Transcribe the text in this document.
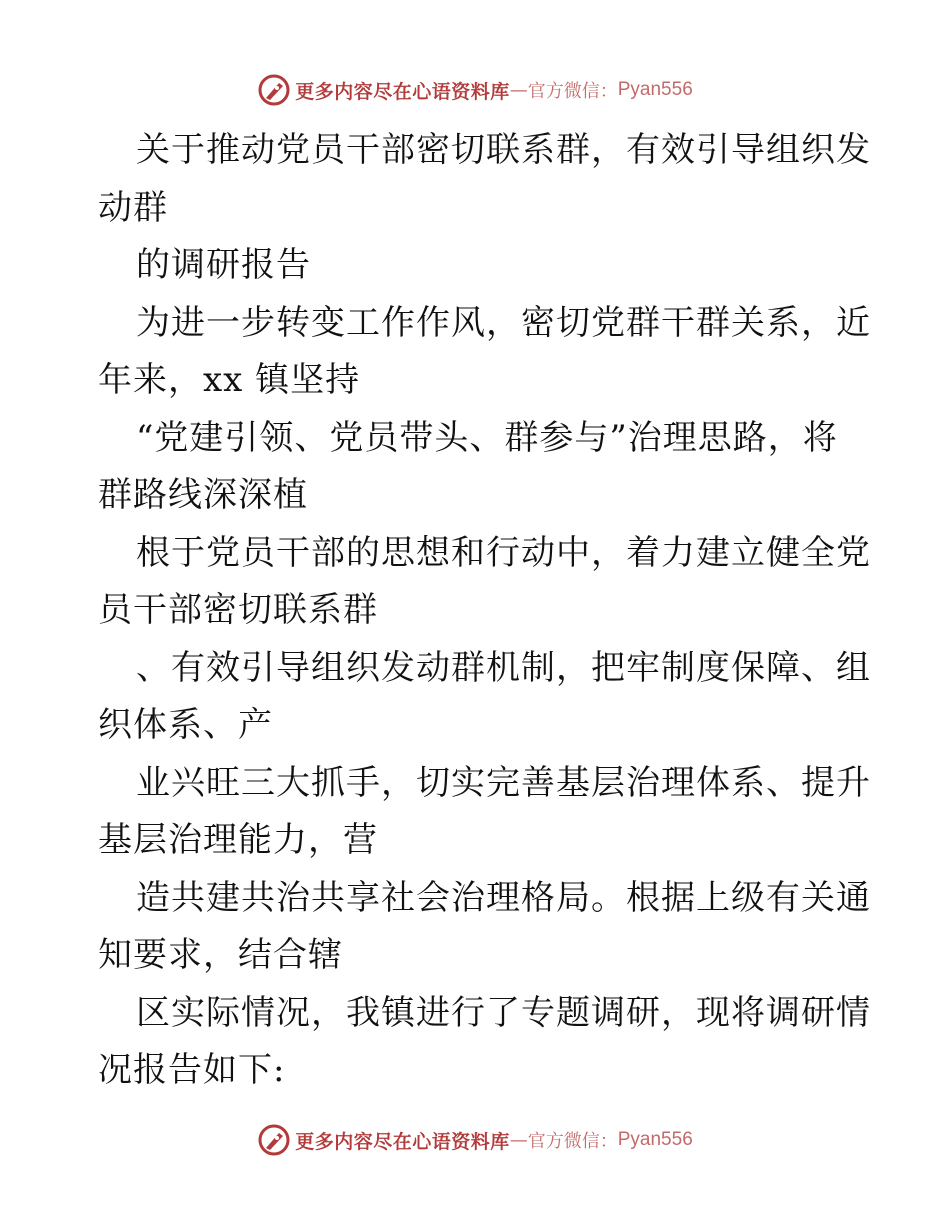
更多内容尽在心语资料库 — 官方微信： Pyan556
关于推动党员干部密切联系群，有效引导组织发
动群
的调研报告
为进一步转变工作作风，密切党群干群关系，近
年来，xx 镇坚持
“党建引领、党员带头、群参与”治理思路，将
群路线深深植
根于党员干部的思想和行动中，着力建立健全党
员干部密切联系群
、有效引导组织发动群机制，把牢制度保障、组
织体系、产
业兴旺三大抓手，切实完善基层治理体系、提升
基层治理能力，营
造共建共治共享社会治理格局。根据上级有关通
知要求，结合辖
区实际情况，我镇进行了专题调研，现将调研情
况报告如下:
更多内容尽在心语资料库 — 官方微信： Pyan556
